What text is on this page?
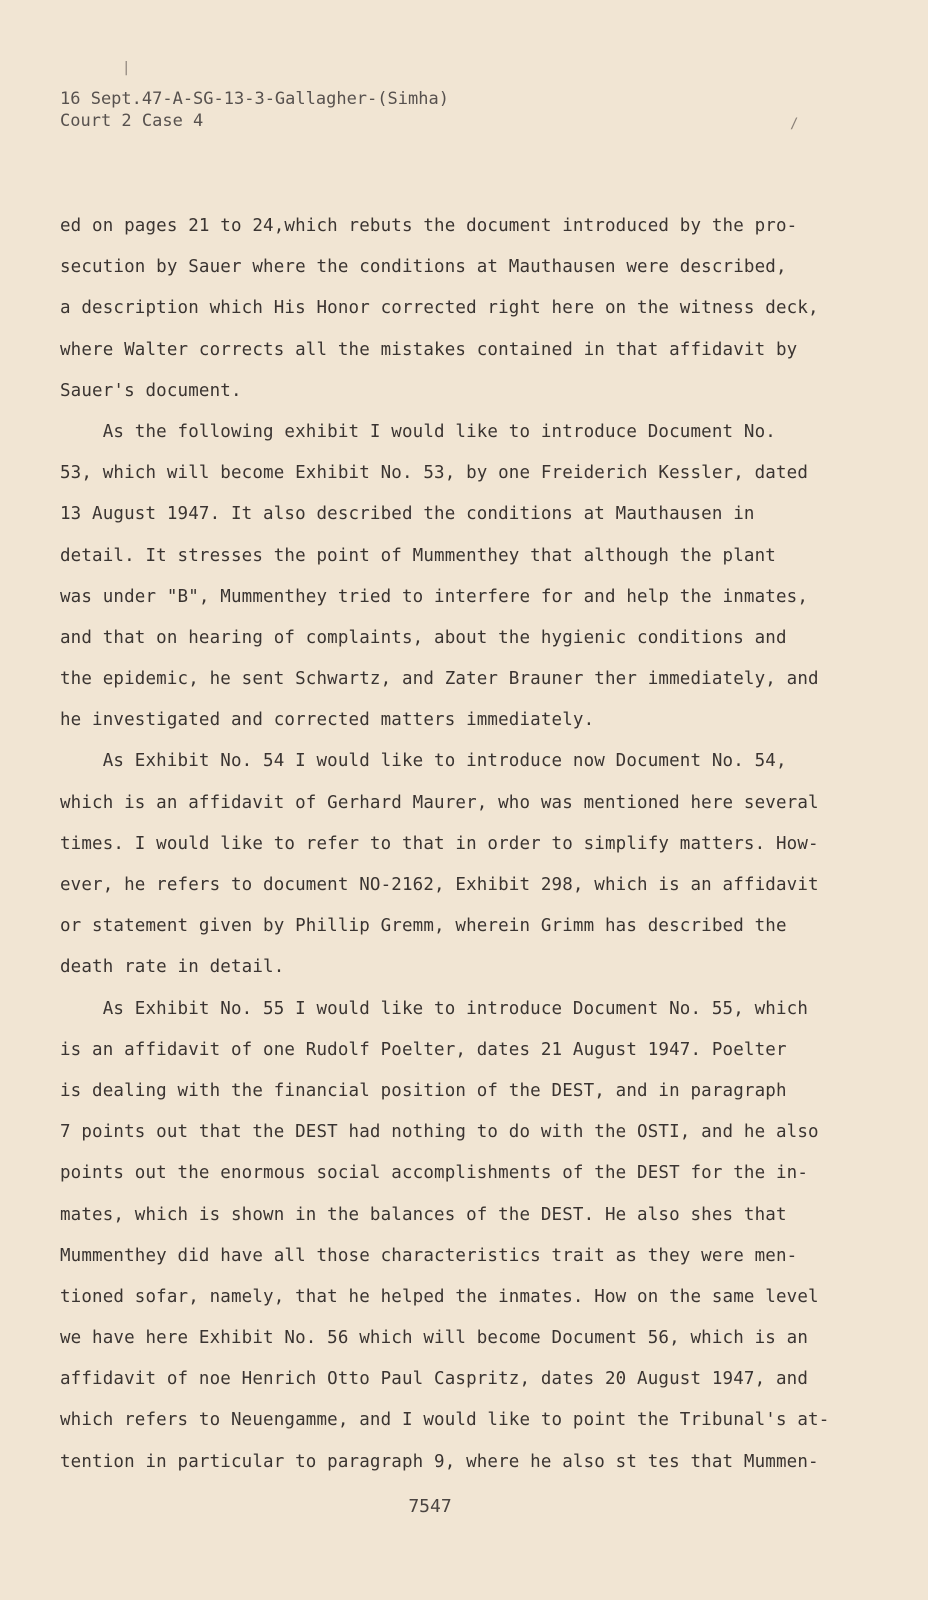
|
/
16 Sept.47-A-SG-13-3-Gallagher-(Simha)
Court 2 Case 4
ed on pages 21 to 24,which rebuts the document introduced by the pro-
secution by Sauer where the conditions at Mauthausen were described,
a description which His Honor corrected right here on the witness deck,
where Walter corrects all the mistakes contained in that affidavit by
Sauer's document.
As the following exhibit I would like to introduce Document No.
53, which will become Exhibit No. 53, by one Freiderich Kessler, dated
13 August 1947. It also described the conditions at Mauthausen in
detail. It stresses the point of Mummenthey that although the plant
was under "B", Mummenthey tried to interfere for and help the inmates,
and that on hearing of complaints, about the hygienic conditions and
the epidemic, he sent Schwartz, and Zater Brauner ther immediately, and
he investigated and corrected matters immediately.
As Exhibit No. 54 I would like to introduce now Document No. 54,
which is an affidavit of Gerhard Maurer, who was mentioned here several
times. I would like to refer to that in order to simplify matters. How-
ever, he refers to document NO-2162, Exhibit 298, which is an affidavit
or statement given by Phillip Gremm, wherein Grimm has described the
death rate in detail.
As Exhibit No. 55 I would like to introduce Document No. 55, which
is an affidavit of one Rudolf Poelter, dates 21 August 1947. Poelter
is dealing with the financial position of the DEST, and in paragraph
7 points out that the DEST had nothing to do with the OSTI, and he also
points out the enormous social accomplishments of the DEST for the in-
mates, which is shown in the balances of the DEST. He also shes that
Mummenthey did have all those characteristics trait as they were men-
tioned sofar, namely, that he helped the inmates. How on the same level
we have here Exhibit No. 56 which will become Document 56, which is an
affidavit of noe Henrich Otto Paul Caspritz, dates 20 August 1947, and
which refers to Neuengamme, and I would like to point the Tribunal's at-
tention in particular to paragraph 9, where he also st tes that Mummen-
7547
